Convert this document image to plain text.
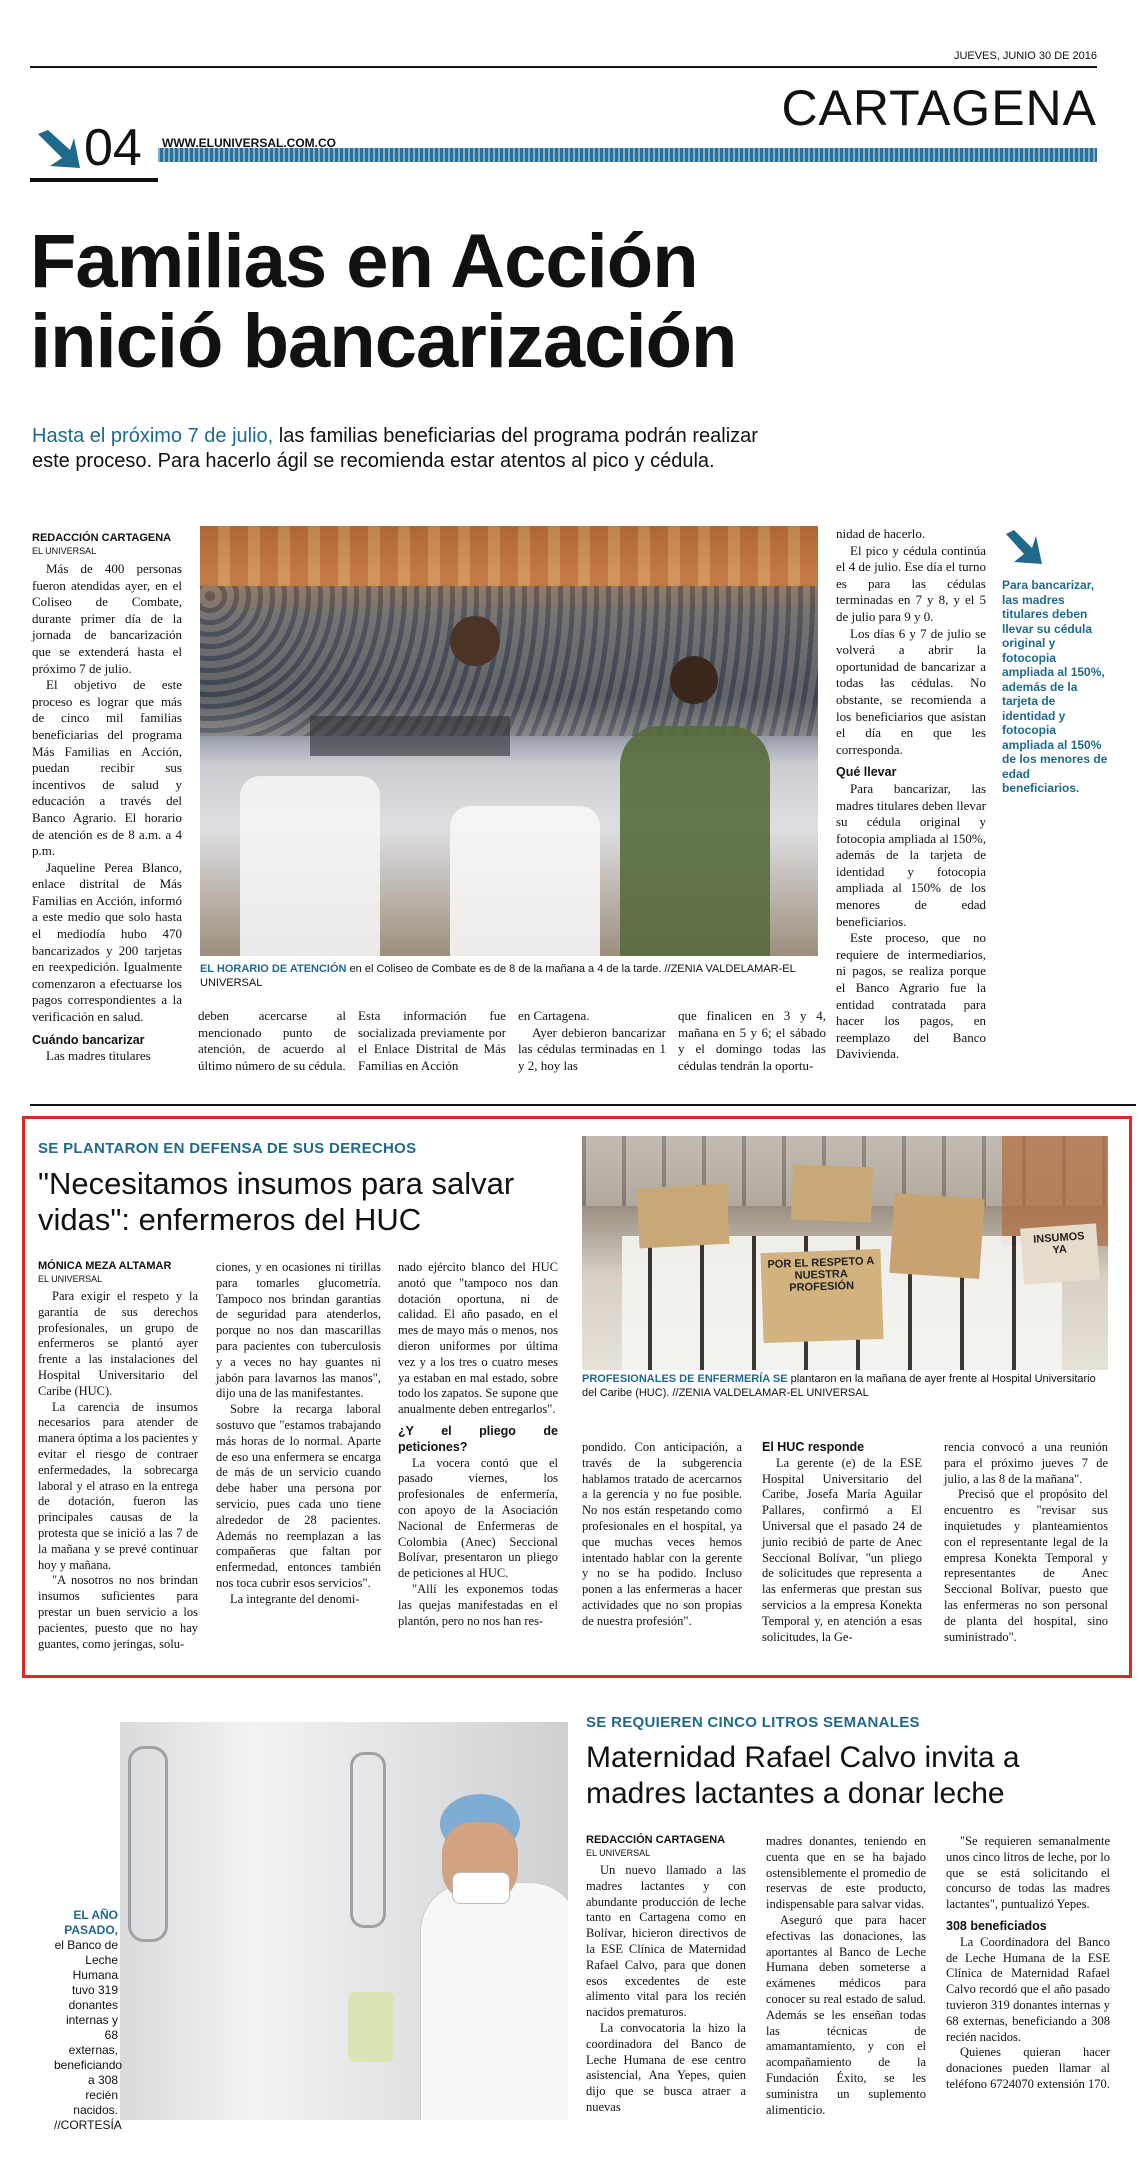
JUEVES, JUNIO 30 DE 2016
CARTAGENA
04 WWW.ELUNIVERSAL.COM.CO
Familias en Acción
inició bancarización
Hasta el próximo 7 de julio, las familias beneficiarias del programa podrán realizar
este proceso. Para hacerlo ágil se recomienda estar atentos al pico y cédula.
REDACCIÓN CARTAGENA
EL UNIVERSAL

Más de 400 personas fueron atendidas ayer, en el Coliseo de Combate, durante primer día de la jornada de bancarización que se extenderá hasta el próximo 7 de julio.

El objetivo de este proceso es lograr que más de cinco mil familias beneficiarias del programa Más Familias en Acción, puedan recibir sus incentivos de salud y educación a través del Banco Agrario. El horario de atención es de 8 a.m. a 4 p.m.

Jaqueline Perea Blanco, enlace distrital de Más Familias en Acción, informó a este medio que solo hasta el mediodía hubo 470 bancarizados y 200 tarjetas en reexpedición. Igualmente comenzaron a efectuarse los pagos correspondientes a la verificación en salud.

Cuándo bancarizar

Las madres titulares

EL HORARIO DE ATENCIÓN en el Coliseo de Combate es de 8 de la mañana a 4 de la tarde. //ZENIA VALDELAMAR-EL UNIVERSAL

deben acercarse al mencionado punto de atención, de acuerdo al último número de su cédula.

Esta información fue socializada previamente por el Enlace Distrital de Más Familias en Acción

en Cartagena.

Ayer debieron bancarizar las cédulas terminadas en 1 y 2, hoy las

que finalicen en 3 y 4, mañana en 5 y 6; el sábado y el domingo todas las cédulas tendrán la oportu-

nidad de hacerlo.

El pico y cédula continúa el 4 de julio. Ese día el turno es para las cédulas terminadas en 7 y 8, y el 5 de julio para 9 y 0.

Los días 6 y 7 de julio se volverá a abrir la oportunidad de bancarizar a todas las cédulas. No obstante, se recomienda a los beneficiarios que asistan el día en que les corresponda.

Qué llevar

Para bancarizar, las madres titulares deben llevar su cédula original y fotocopia ampliada al 150%, además de la tarjeta de identidad y fotocopia ampliada al 150% de los menores de edad beneficiarios.

Este proceso, que no requiere de intermediarios, ni pagos, se realiza porque el Banco Agrario fue la entidad contratada para hacer los pagos, en reemplazo del Banco Davivienda.

Para bancarizar, las madres titulares deben llevar su cédula original y fotocopia ampliada al 150%, además de la tarjeta de identidad y fotocopia ampliada al 150% de los menores de edad beneficiarios.
SE PLANTARON EN DEFENSA DE SUS DERECHOS
"Necesitamos insumos para salvar
vidas": enfermeros del HUC
MÓNICA MEZA ALTAMAR
EL UNIVERSAL

Para exigir el respeto y la garantía de sus derechos profesionales, un grupo de enfermeros se plantó ayer frente a las instalaciones del Hospital Universitario del Caribe (HUC).

La carencia de insumos necesarios para atender de manera óptima a los pacientes y evitar el riesgo de contraer enfermedades, la sobrecarga laboral y el atraso en la entrega de dotación, fueron las principales causas de la protesta que se inició a las 7 de la mañana y se prevé continuar hoy y mañana.

"A nosotros no nos brindan insumos suficientes para prestar un buen servicio a los pacientes, puesto que no hay guantes, como jeringas, solu-

ciones, y en ocasiones ni tirillas para tomarles glucometría. Tampoco nos brindan garantías de seguridad para atenderlos, porque no nos dan mascarillas para pacientes con tuberculosis y a veces no hay guantes ni jabón para lavarnos las manos", dijo una de las manifestantes.

Sobre la recarga laboral sostuvo que "estamos trabajando más horas de lo normal. Aparte de eso una enfermera se encarga de más de un servicio cuando debe haber una persona por servicio, pues cada uno tiene alrededor de 28 pacientes. Además no reemplazan a las compañeras que faltan por enfermedad, entonces también nos toca cubrir esos servicios".

La integrante del denomi-

nado ejército blanco del HUC anotó que "tampoco nos dan dotación oportuna, ni de calidad. El año pasado, en el mes de mayo más o menos, nos dieron uniformes por última vez y a los tres o cuatro meses ya estaban en mal estado, sobre todo los zapatos. Se supone que anualmente deben entregarlos".

¿Y el pliego de peticiones?

La vocera contó que el pasado viernes, los profesionales de enfermería, con apoyo de la Asociación Nacional de Enfermeras de Colombia (Anec) Seccional Bolívar, presentaron un pliego de peticiones al HUC.

"Allí les exponemos todas las quejas manifestadas en el plantón, pero no nos han res-

POR EL RESPETO A NUESTRA PROFESIÓN
INSUMOS YA
PROFESIONALES DE ENFERMERÍA SE plantaron en la mañana de ayer frente al Hospital Universitario del Caribe (HUC). //ZENIA VALDELAMAR-EL UNIVERSAL

pondido. Con anticipación, a través de la subgerencia hablamos tratado de acercarnos a la gerencia y no fue posible. No nos están respetando como profesionales en el hospital, ya que muchas veces hemos intentado hablar con la gerente y no se ha podido. Incluso ponen a las enfermeras a hacer actividades que no son propias de nuestra profesión".

El HUC responde

La gerente (e) de la ESE Hospital Universitario del Caribe, Josefa María Aguilar Pallares, confirmó a El Universal que el pasado 24 de junio recibió de parte de Anec Seccional Bolívar, "un pliego de solicitudes que representa a las enfermeras que prestan sus servicios a la empresa Konekta Temporal y, en atención a esas solicitudes, la Ge-

rencia convocó a una reunión para el próximo jueves 7 de julio, a las 8 de la mañana".

Precisó que el propósito del encuentro es "revisar sus inquietudes y planteamientos con el representante legal de la empresa Konekta Temporal y representantes de Anec Seccional Bolívar, puesto que las enfermeras no son personal de planta del hospital, sino suministrado".

EL AÑO PASADO, el Banco de Leche Humana tuvo 319 donantes internas y 68 externas, beneficiando a 308 recién nacidos. //CORTESÍA
SE REQUIEREN CINCO LITROS SEMANALES
Maternidad Rafael Calvo invita a
madres lactantes a donar leche
REDACCIÓN CARTAGENA
EL UNIVERSAL

Un nuevo llamado a las madres lactantes y con abundante producción de leche tanto en Cartagena como en Bolívar, hicieron directivos de la ESE Clínica de Maternidad Rafael Calvo, para que donen esos excedentes de este alimento vital para los recién nacidos prematuros.

La convocatoria la hizo la coordinadora del Banco de Leche Humana de ese centro asistencial, Ana Yepes, quien dijo que se busca atraer a nuevas

madres donantes, teniendo en cuenta que en se ha bajado ostensiblemente el promedio de reservas de este producto, indispensable para salvar vidas.

Aseguró que para hacer efectivas las donaciones, las aportantes al Banco de Leche Humana deben someterse a exámenes médicos para conocer su real estado de salud. Además se les enseñan todas las técnicas de amamantamiento, y con el acompañamiento de la Fundación Éxito, se les suministra un suplemento alimenticio.

"Se requieren semanalmente unos cinco litros de leche, por lo que se está solicitando el concurso de todas las madres lactantes", puntualizó Yepes.

308 beneficiados

La Coordinadora del Banco de Leche Humana de la ESE Clínica de Maternidad Rafael Calvo recordó que el año pasado tuvieron 319 donantes internas y 68 externas, beneficiando a 308 recién nacidos.

Quienes quieran hacer donaciones pueden llamar al teléfono 6724070 extensión 170.
